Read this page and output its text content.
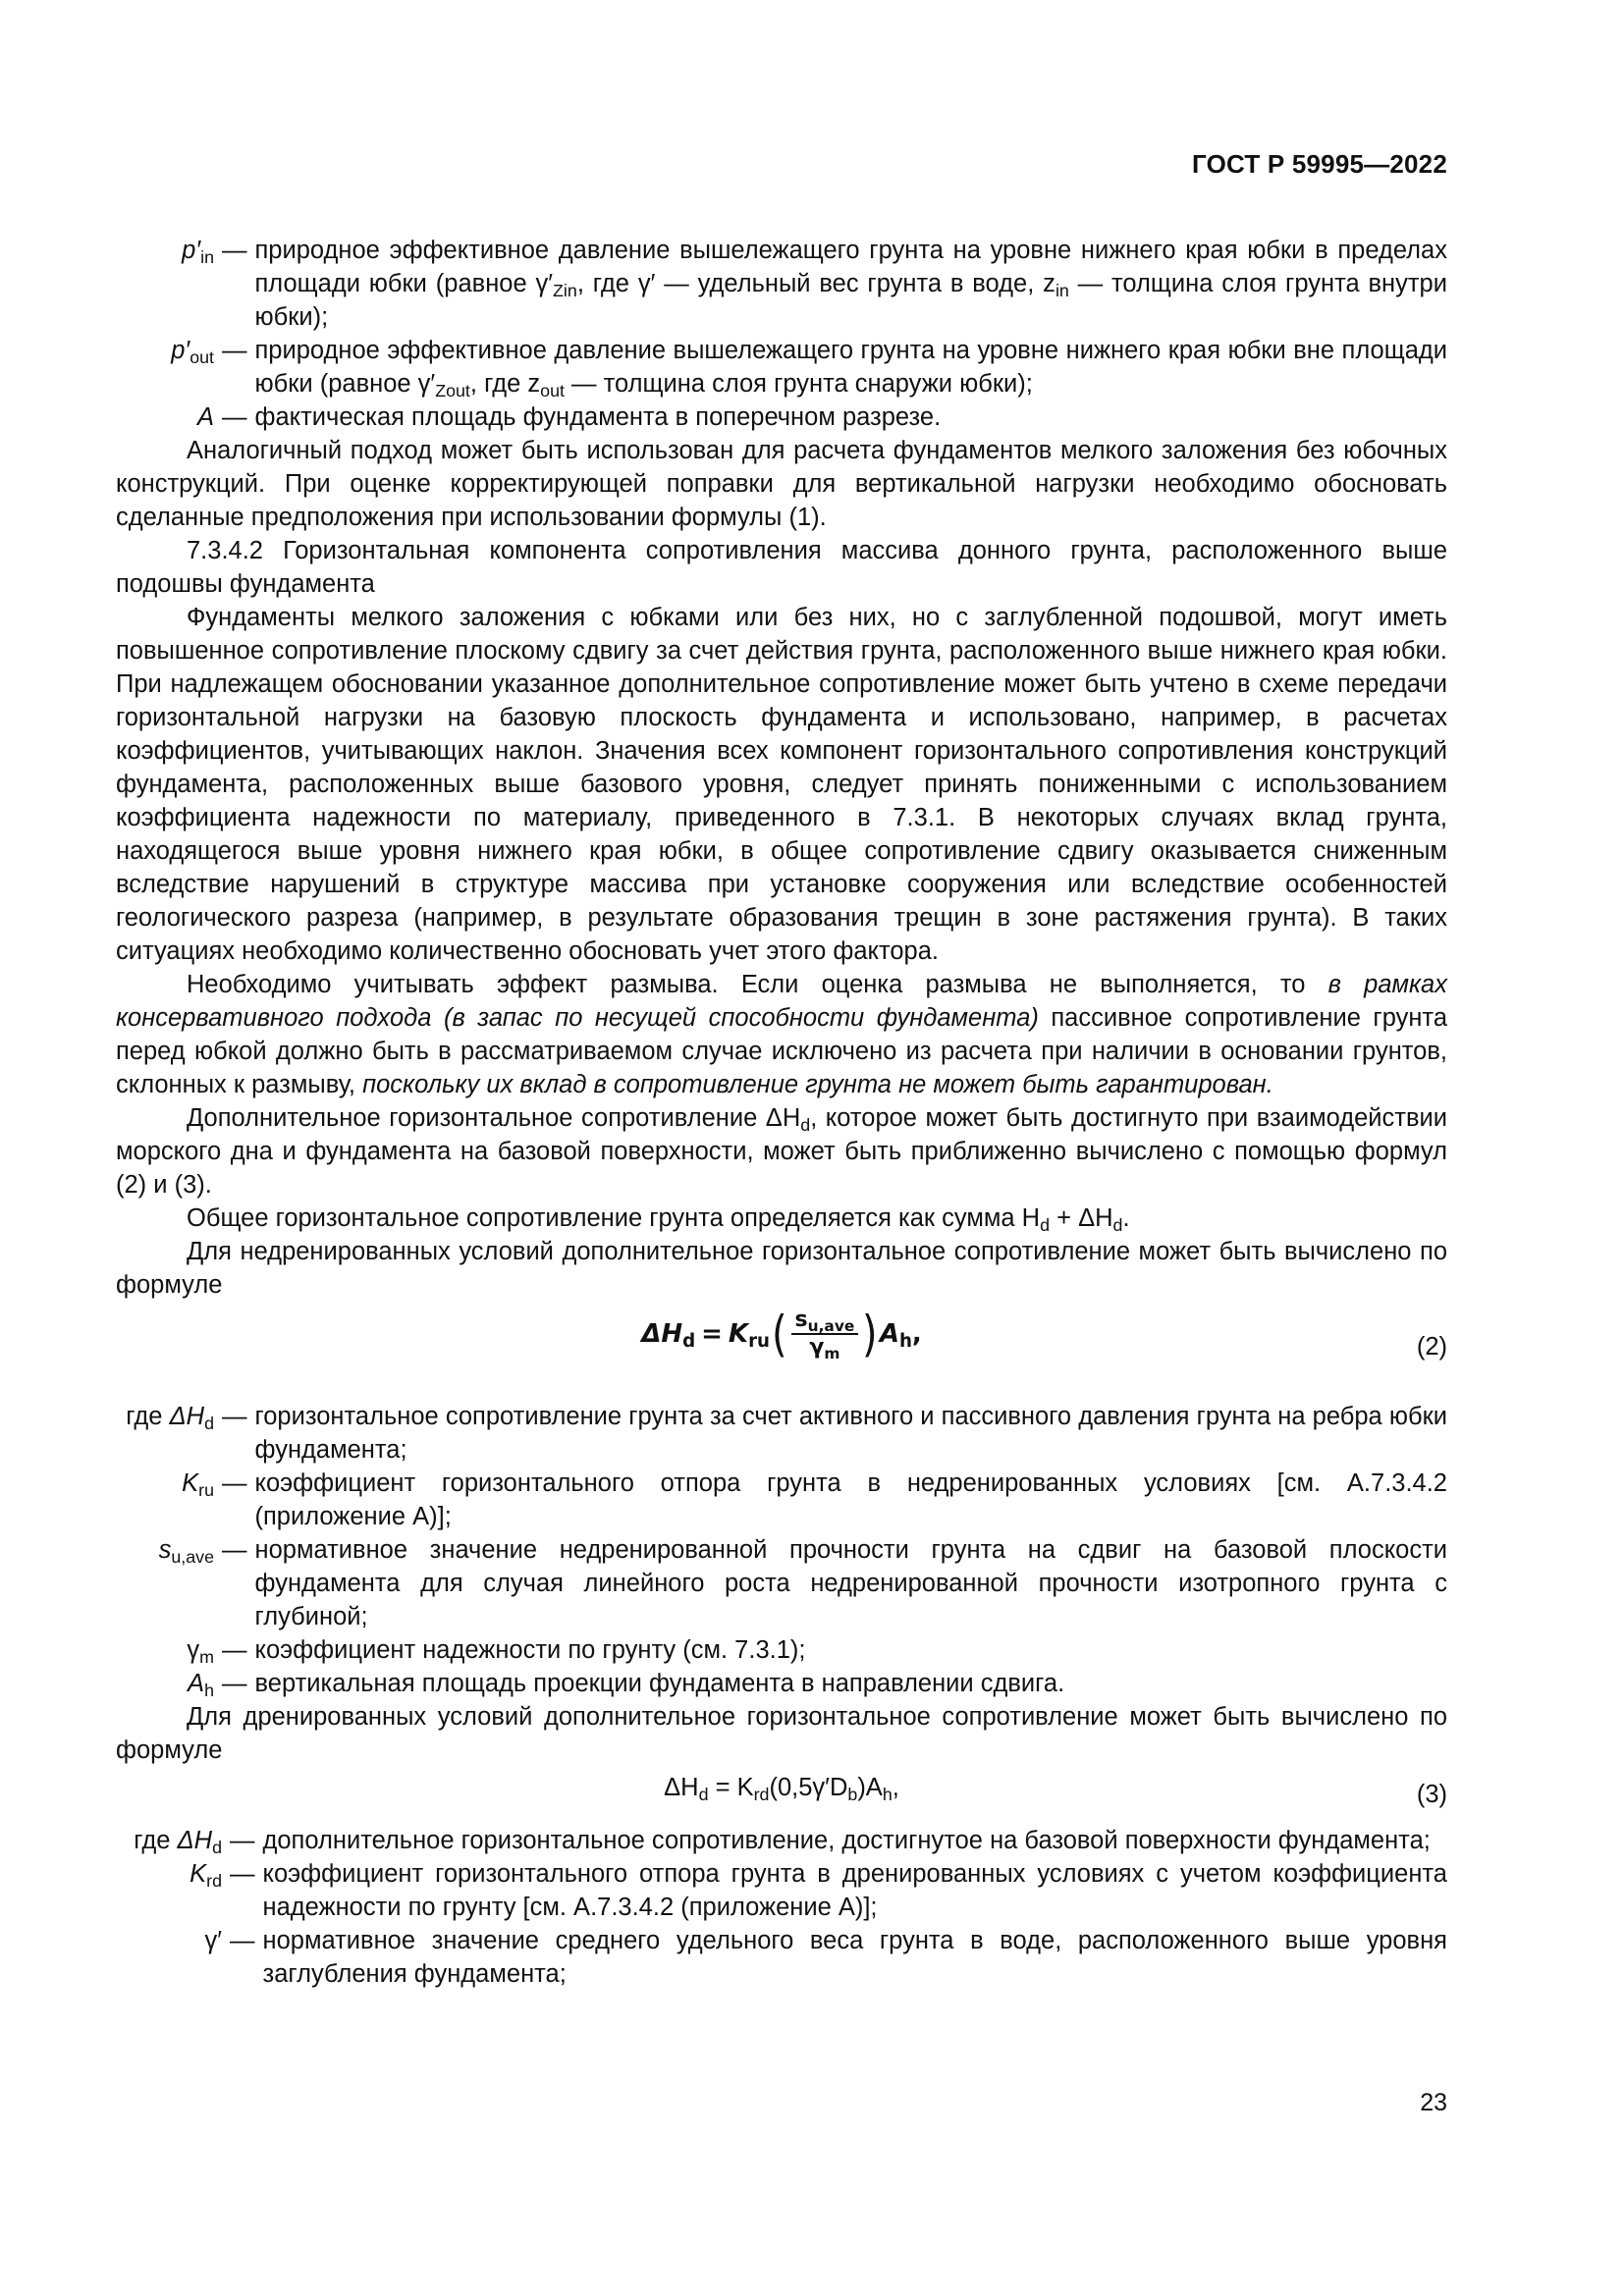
ГОСТ Р 59995—2022
$p'_{in}$ — природное эффективное давление вышележащего грунта на уровне нижнего края юбки в пределах площади юбки (равное $\gamma'_{Zin}$, где γ′ — удельный вес грунта в воде, $z_{in}$ — толщина слоя грунта внутри юбки);
$p'_{out}$ — природное эффективное давление вышележащего грунта на уровне нижнего края юбки вне площади юбки (равное $\gamma'_{Zout}$, где $z_{out}$ — толщина слоя грунта снаружи юбки);
A — фактическая площадь фундамента в поперечном разрезе.

Аналогичный подход может быть использован для расчета фундаментов мелкого заложения без юбочных конструкций. При оценке корректирующей поправки для вертикальной нагрузки необходимо обосновать сделанные предположения при использовании формулы (1).

7.3.4.2 Горизонтальная компонента сопротивления массива донного грунта, расположенного выше подошвы фундамента

Фундаменты мелкого заложения с юбками или без них, но с заглубленной подошвой, могут иметь повышенное сопротивление плоскому сдвигу за счет действия грунта, расположенного выше нижнего края юбки. При надлежащем обосновании указанное дополнительное сопротивление может быть учтено в схеме передачи горизонтальной нагрузки на базовую плоскость фундамента и использовано, например, в расчетах коэффициентов, учитывающих наклон. Значения всех компонент горизонтального сопротивления конструкций фундамента, расположенных выше базового уровня, следует принять пониженными с использованием коэффициента надежности по материалу, приведенного в 7.3.1. В некоторых случаях вклад грунта, находящегося выше уровня нижнего края юбки, в общее сопротивление сдвигу оказывается сниженным вследствие нарушений в структуре массива при установке сооружения или вследствие особенностей геологического разреза (например, в результате образования трещин в зоне растяжения грунта). В таких ситуациях необходимо количественно обосновать учет этого фактора.

Необходимо учитывать эффект размыва. Если оценка размыва не выполняется, то в рамках консервативного подхода (в запас по несущей способности фундамента) пассивное сопротивление грунта перед юбкой должно быть в рассматриваемом случае исключено из расчета при наличии в основании грунтов, склонных к размыву, поскольку их вклад в сопротивление грунта не может быть гарантирован.

Дополнительное горизонтальное сопротивление $\Delta H_d$, которое может быть достигнуто при взаимодействии морского дна и фундамента на базовой поверхности, может быть приближенно вычислено с помощью формул (2) и (3).

Общее горизонтальное сопротивление грунта определяется как сумма $H_d + \Delta H_d$.

Для недренированных условий дополнительное горизонтальное сопротивление может быть вычислено по формуле

$\Delta H_d = K_{ru}$ ( $\frac{s_{u,ave}}{\gamma_m}$ ) $A_h$,	(2)
где $\Delta H_d$ — горизонтальное сопротивление грунта за счет активного и пассивного давления грунта на ребра юбки фундамента;
$K_{ru}$ — коэффициент горизонтального отпора грунта в недренированных условиях [см. А.7.3.4.2 (приложение А)];
$s_{u,ave}$ — нормативное значение недренированной прочности грунта на сдвиг на базовой плоскости фундамента для случая линейного роста недренированной прочности изотропного грунта с глубиной;
$\gamma_m$ — коэффициент надежности по грунту (см. 7.3.1);
$A_h$ — вертикальная площадь проекции фундамента в направлении сдвига.

Для дренированных условий дополнительное горизонтальное сопротивление может быть вычислено по формуле

$\Delta H_d = K_{rd}(0,5\gamma'D_b)A_h$,	(3)
где $\Delta H_d$ — дополнительное горизонтальное сопротивление, достигнутое на базовой поверхности фундамента;
$K_{rd}$ — коэффициент горизонтального отпора грунта в дренированных условиях с учетом коэффициента надежности по грунту [см. А.7.3.4.2 (приложение А)];
γ′ — нормативное значение среднего удельного веса грунта в воде, расположенного выше уровня заглубления фундамента;
23
